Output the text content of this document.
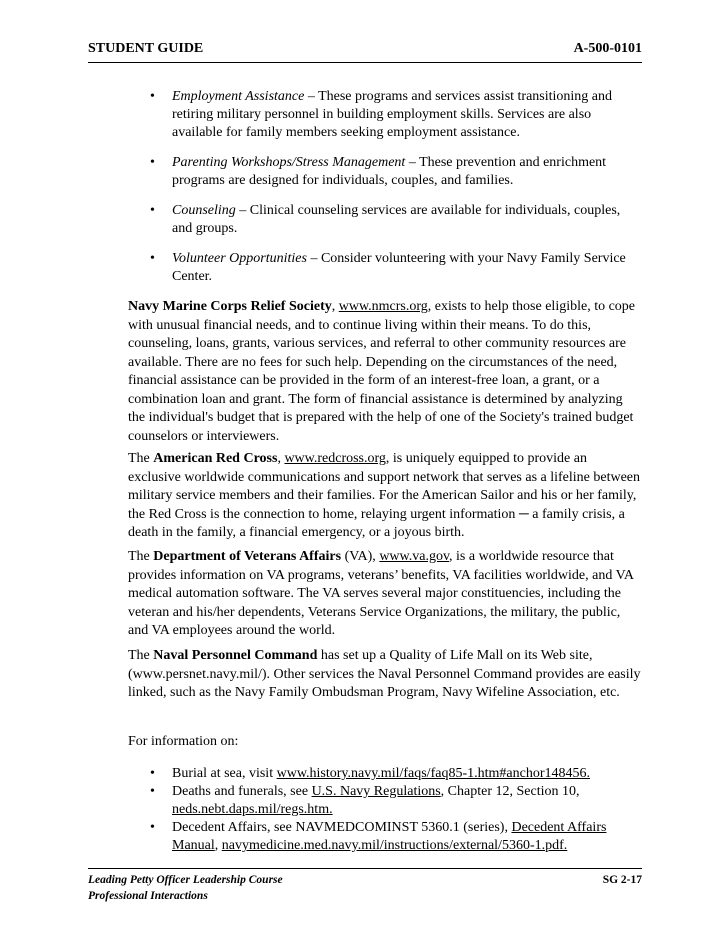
STUDENT GUIDE	A-500-0101
•	Employment Assistance – These programs and services assist transitioning and retiring military personnel in building employment skills. Services are also available for family members seeking employment assistance.
•	Parenting Workshops/Stress Management – These prevention and enrichment programs are designed for individuals, couples, and families.
•	Counseling – Clinical counseling services are available for individuals, couples, and groups.
•	Volunteer Opportunities – Consider volunteering with your Navy Family Service Center.

Navy Marine Corps Relief Society, www.nmcrs.org, exists to help those eligible, to cope with unusual financial needs, and to continue living within their means. To do this, counseling, loans, grants, various services, and referral to other community resources are available. There are no fees for such help. Depending on the circumstances of the need, financial assistance can be provided in the form of an interest-free loan, a grant, or a combination loan and grant. The form of financial assistance is determined by analyzing the individual's budget that is prepared with the help of one of the Society's trained budget counselors or interviewers.

The American Red Cross, www.redcross.org, is uniquely equipped to provide an exclusive worldwide communications and support network that serves as a lifeline between military service members and their families. For the American Sailor and his or her family, the Red Cross is the connection to home, relaying urgent information ─ a family crisis, a death in the family, a financial emergency, or a joyous birth.

The Department of Veterans Affairs (VA), www.va.gov, is a worldwide resource that provides information on VA programs, veterans’ benefits, VA facilities worldwide, and VA medical automation software. The VA serves several major constituencies, including the veteran and his/her dependents, Veterans Service Organizations, the military, the public, and VA employees around the world.

The Naval Personnel Command has set up a Quality of Life Mall on its Web site, (www.persnet.navy.mil/). Other services the Naval Personnel Command provides are easily linked, such as the Navy Family Ombudsman Program, Navy Wifeline Association, etc.

For information on:

•	Burial at sea, visit www.history.navy.mil/faqs/faq85-1.htm#anchor148456.
•	Deaths and funerals, see U.S. Navy Regulations, Chapter 12, Section 10, neds.nebt.daps.mil/regs.htm.
•	Decedent Affairs, see NAVMEDCOMINST 5360.1 (series), Decedent Affairs Manual, navymedicine.med.navy.mil/instructions/external/5360-1.pdf.
Leading Petty Officer Leadership Course	SG 2-17
Professional Interactions
